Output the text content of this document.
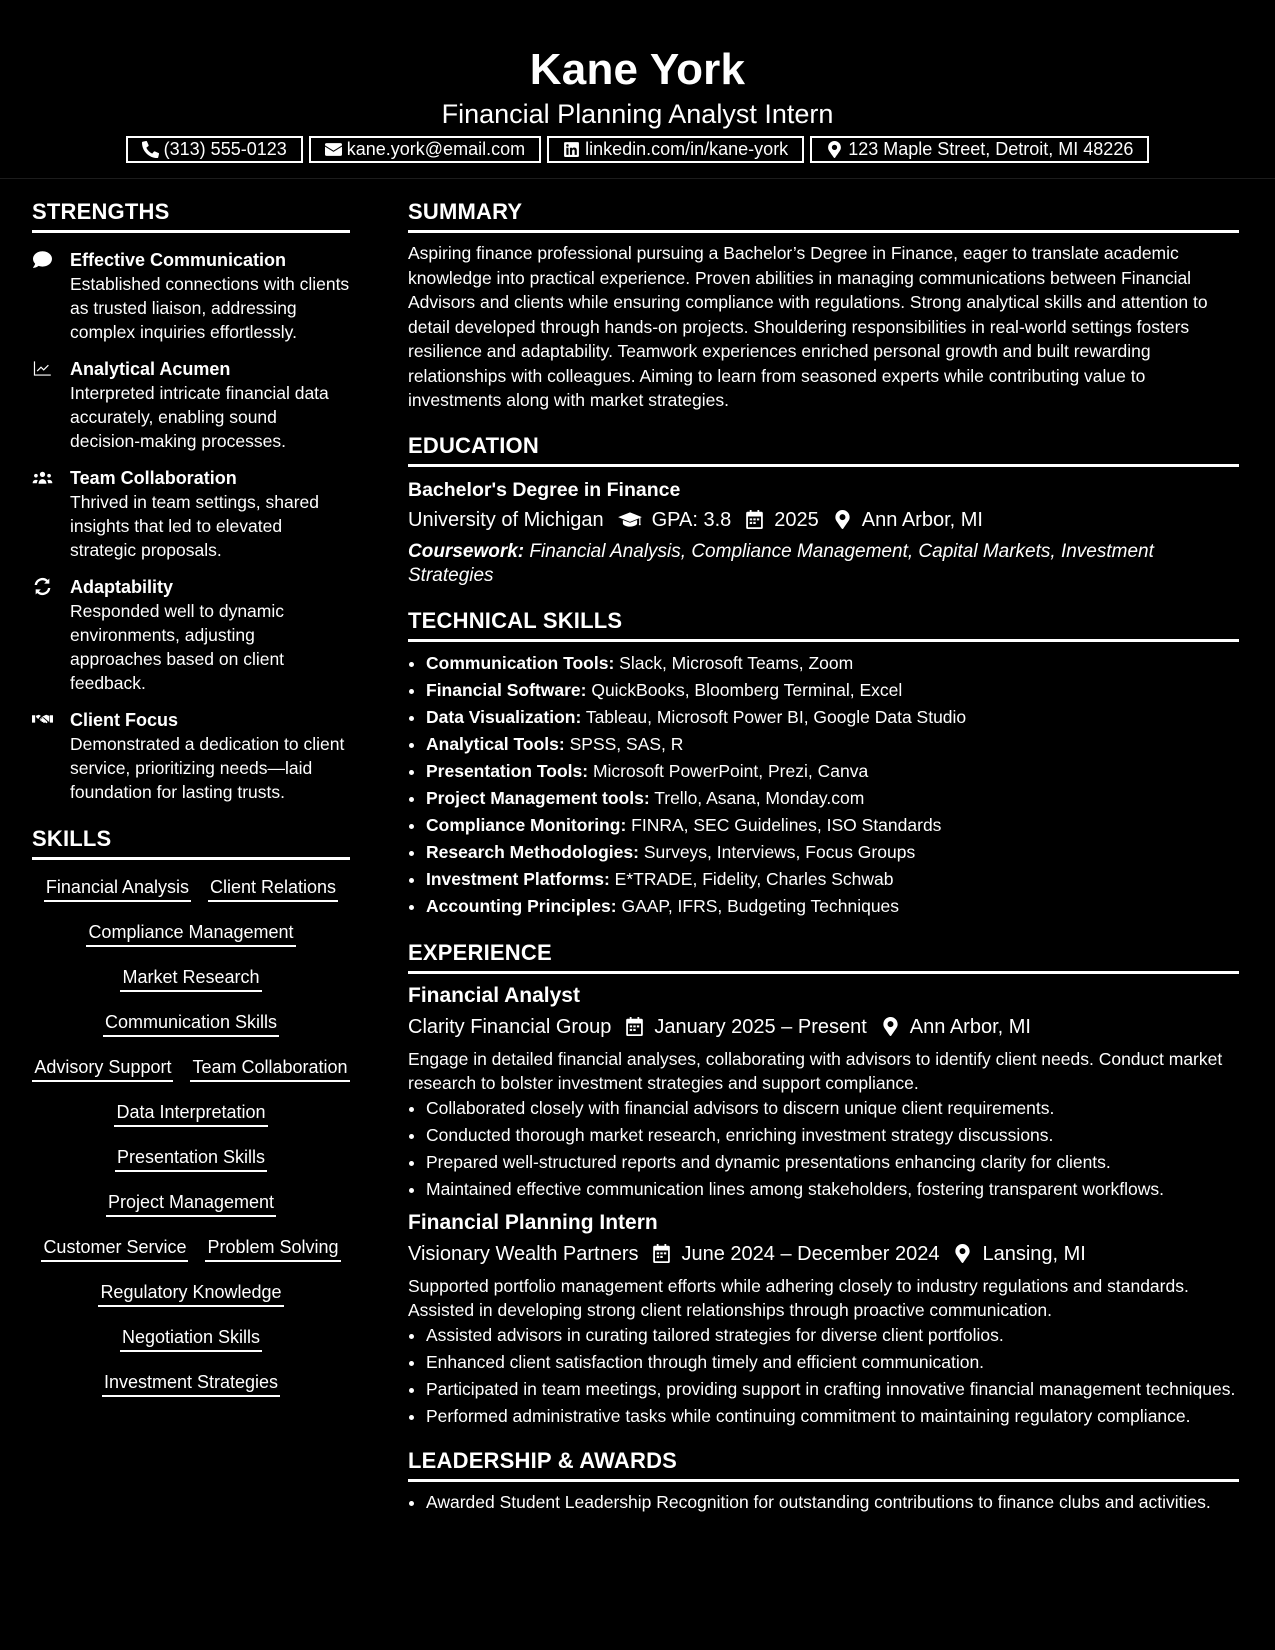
Kane York
Financial Planning Analyst Intern
(313) 555-0123	kane.york@email.com	linkedin.com/in/kane-york	123 Maple Street, Detroit, MI 48226
STRENGTHS
Effective Communication
Established connections with clients as trusted liaison, addressing complex inquiries effortlessly.
Analytical Acumen
Interpreted intricate financial data accurately, enabling sound decision-making processes.
Team Collaboration
Thrived in team settings, shared insights that led to elevated strategic proposals.
Adaptability
Responded well to dynamic environments, adjusting approaches based on client feedback.
Client Focus
Demonstrated a dedication to client service, prioritizing needs—laid foundation for lasting trusts.
SKILLS
Financial Analysis Client Relations
Compliance Management
Market Research
Communication Skills
Advisory Support Team Collaboration
Data Interpretation
Presentation Skills
Project Management
Customer Service Problem Solving
Regulatory Knowledge
Negotiation Skills
Investment Strategies
SUMMARY
Aspiring finance professional pursuing a Bachelor’s Degree in Finance, eager to translate academic knowledge into practical experience. Proven abilities in managing communications between Financial Advisors and clients while ensuring compliance with regulations. Strong analytical skills and attention to detail developed through hands-on projects. Shouldering responsibilities in real-world settings fosters resilience and adaptability. Teamwork experiences enriched personal growth and built rewarding relationships with colleagues. Aiming to learn from seasoned experts while contributing value to investments along with market strategies.
EDUCATION
Bachelor's Degree in Finance
University of Michigan GPA: 3.8 2025 Ann Arbor, MI
Coursework: Financial Analysis, Compliance Management, Capital Markets, Investment Strategies
TECHNICAL SKILLS
• Communication Tools: Slack, Microsoft Teams, Zoom
• Financial Software: QuickBooks, Bloomberg Terminal, Excel
• Data Visualization: Tableau, Microsoft Power BI, Google Data Studio
• Analytical Tools: SPSS, SAS, R
• Presentation Tools: Microsoft PowerPoint, Prezi, Canva
• Project Management tools: Trello, Asana, Monday.com
• Compliance Monitoring: FINRA, SEC Guidelines, ISO Standards
• Research Methodologies: Surveys, Interviews, Focus Groups
• Investment Platforms: E*TRADE, Fidelity, Charles Schwab
• Accounting Principles: GAAP, IFRS, Budgeting Techniques
EXPERIENCE
Financial Analyst
Clarity Financial Group January 2025 – Present Ann Arbor, MI
Engage in detailed financial analyses, collaborating with advisors to identify client needs. Conduct market research to bolster investment strategies and support compliance.
• Collaborated closely with financial advisors to discern unique client requirements.
• Conducted thorough market research, enriching investment strategy discussions.
• Prepared well-structured reports and dynamic presentations enhancing clarity for clients.
• Maintained effective communication lines among stakeholders, fostering transparent workflows.
Financial Planning Intern
Visionary Wealth Partners June 2024 – December 2024 Lansing, MI
Supported portfolio management efforts while adhering closely to industry regulations and standards. Assisted in developing strong client relationships through proactive communication.
• Assisted advisors in curating tailored strategies for diverse client portfolios.
• Enhanced client satisfaction through timely and efficient communication.
• Participated in team meetings, providing support in crafting innovative financial management techniques.
• Performed administrative tasks while continuing commitment to maintaining regulatory compliance.
LEADERSHIP & AWARDS
• Awarded Student Leadership Recognition for outstanding contributions to finance clubs and activities.
